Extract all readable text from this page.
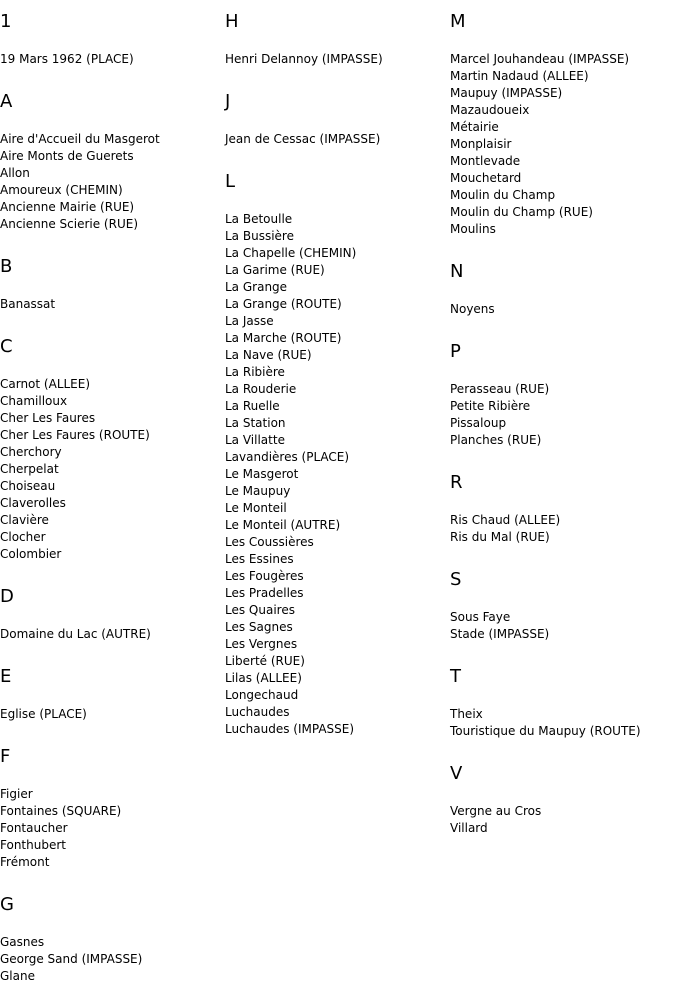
1
19 Mars 1962 (PLACE)
A
Aire d'Accueil du Masgerot
Aire Monts de Guerets
Allon
Amoureux (CHEMIN)
Ancienne Mairie (RUE)
Ancienne Scierie (RUE)
B
Banassat
C
Carnot (ALLEE)
Chamilloux
Cher Les Faures
Cher Les Faures (ROUTE)
Cherchory
Cherpelat
Choiseau
Claverolles
Clavière
Clocher
Colombier
D
Domaine du Lac (AUTRE)
E
Eglise (PLACE)
F
Figier
Fontaines (SQUARE)
Fontaucher
Fonthubert
Frémont
G
Gasnes
George Sand (IMPASSE)
Glane
H
Henri Delannoy (IMPASSE)
J
Jean de Cessac (IMPASSE)
L
La Betoulle
La Bussière
La Chapelle (CHEMIN)
La Garime (RUE)
La Grange
La Grange (ROUTE)
La Jasse
La Marche (ROUTE)
La Nave (RUE)
La Ribière
La Rouderie
La Ruelle
La Station
La Villatte
Lavandières (PLACE)
Le Masgerot
Le Maupuy
Le Monteil
Le Monteil (AUTRE)
Les Coussières
Les Essines
Les Fougères
Les Pradelles
Les Quaires
Les Sagnes
Les Vergnes
Liberté (RUE)
Lilas (ALLEE)
Longechaud
Luchaudes
Luchaudes (IMPASSE)
M
Marcel Jouhandeau (IMPASSE)
Martin Nadaud (ALLEE)
Maupuy (IMPASSE)
Mazaudoueix
Métairie
Monplaisir
Montlevade
Mouchetard
Moulin du Champ
Moulin du Champ (RUE)
Moulins
N
Noyens
P
Perasseau (RUE)
Petite Ribière
Pissaloup
Planches (RUE)
R
Ris Chaud (ALLEE)
Ris du Mal (RUE)
S
Sous Faye
Stade (IMPASSE)
T
Theix
Touristique du Maupuy (ROUTE)
V
Vergne au Cros
Villard
